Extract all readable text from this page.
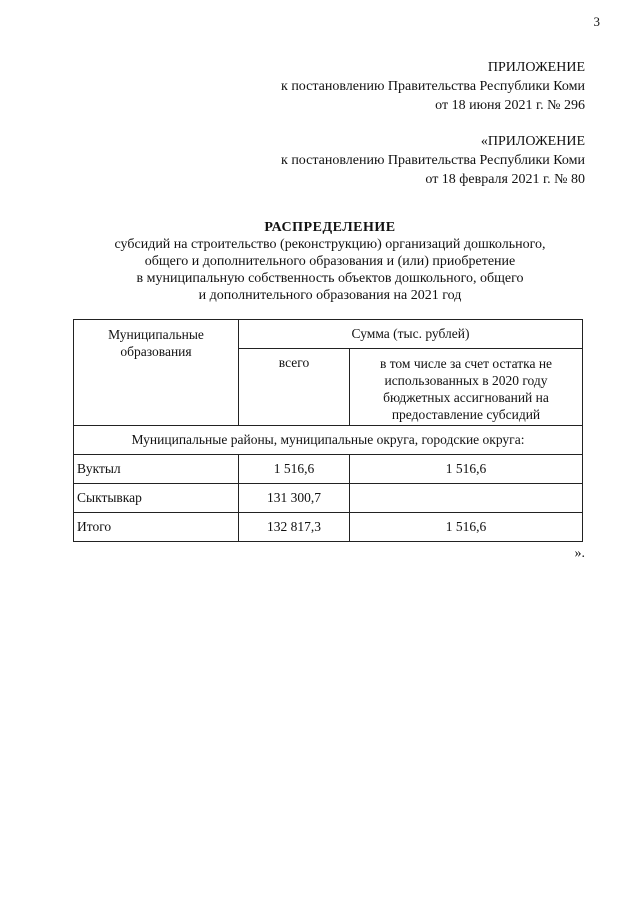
3
ПРИЛОЖЕНИЕ
к постановлению Правительства Республики Коми
от 18 июня 2021 г. № 296
«ПРИЛОЖЕНИЕ
к постановлению Правительства Республики Коми
от 18 февраля 2021 г. № 80
РАСПРЕДЕЛЕНИЕ
субсидий на строительство (реконструкцию) организаций дошкольного,
общего и дополнительного образования и (или) приобретение
в муниципальную собственность объектов дошкольного, общего
и дополнительного образования на 2021 год
Муниципальные образования	Сумма (тыс. рублей)	
	всего	в том числе за счет остатка не использованных в 2020 году бюджетных ассигнований на предоставление субсидий
Муниципальные районы, муниципальные округа, городские округа:		
Вуктыл	1 516,6	1 516,6
Сыктывкар	131 300,7	
Итого	132 817,3	1 516,6
».
